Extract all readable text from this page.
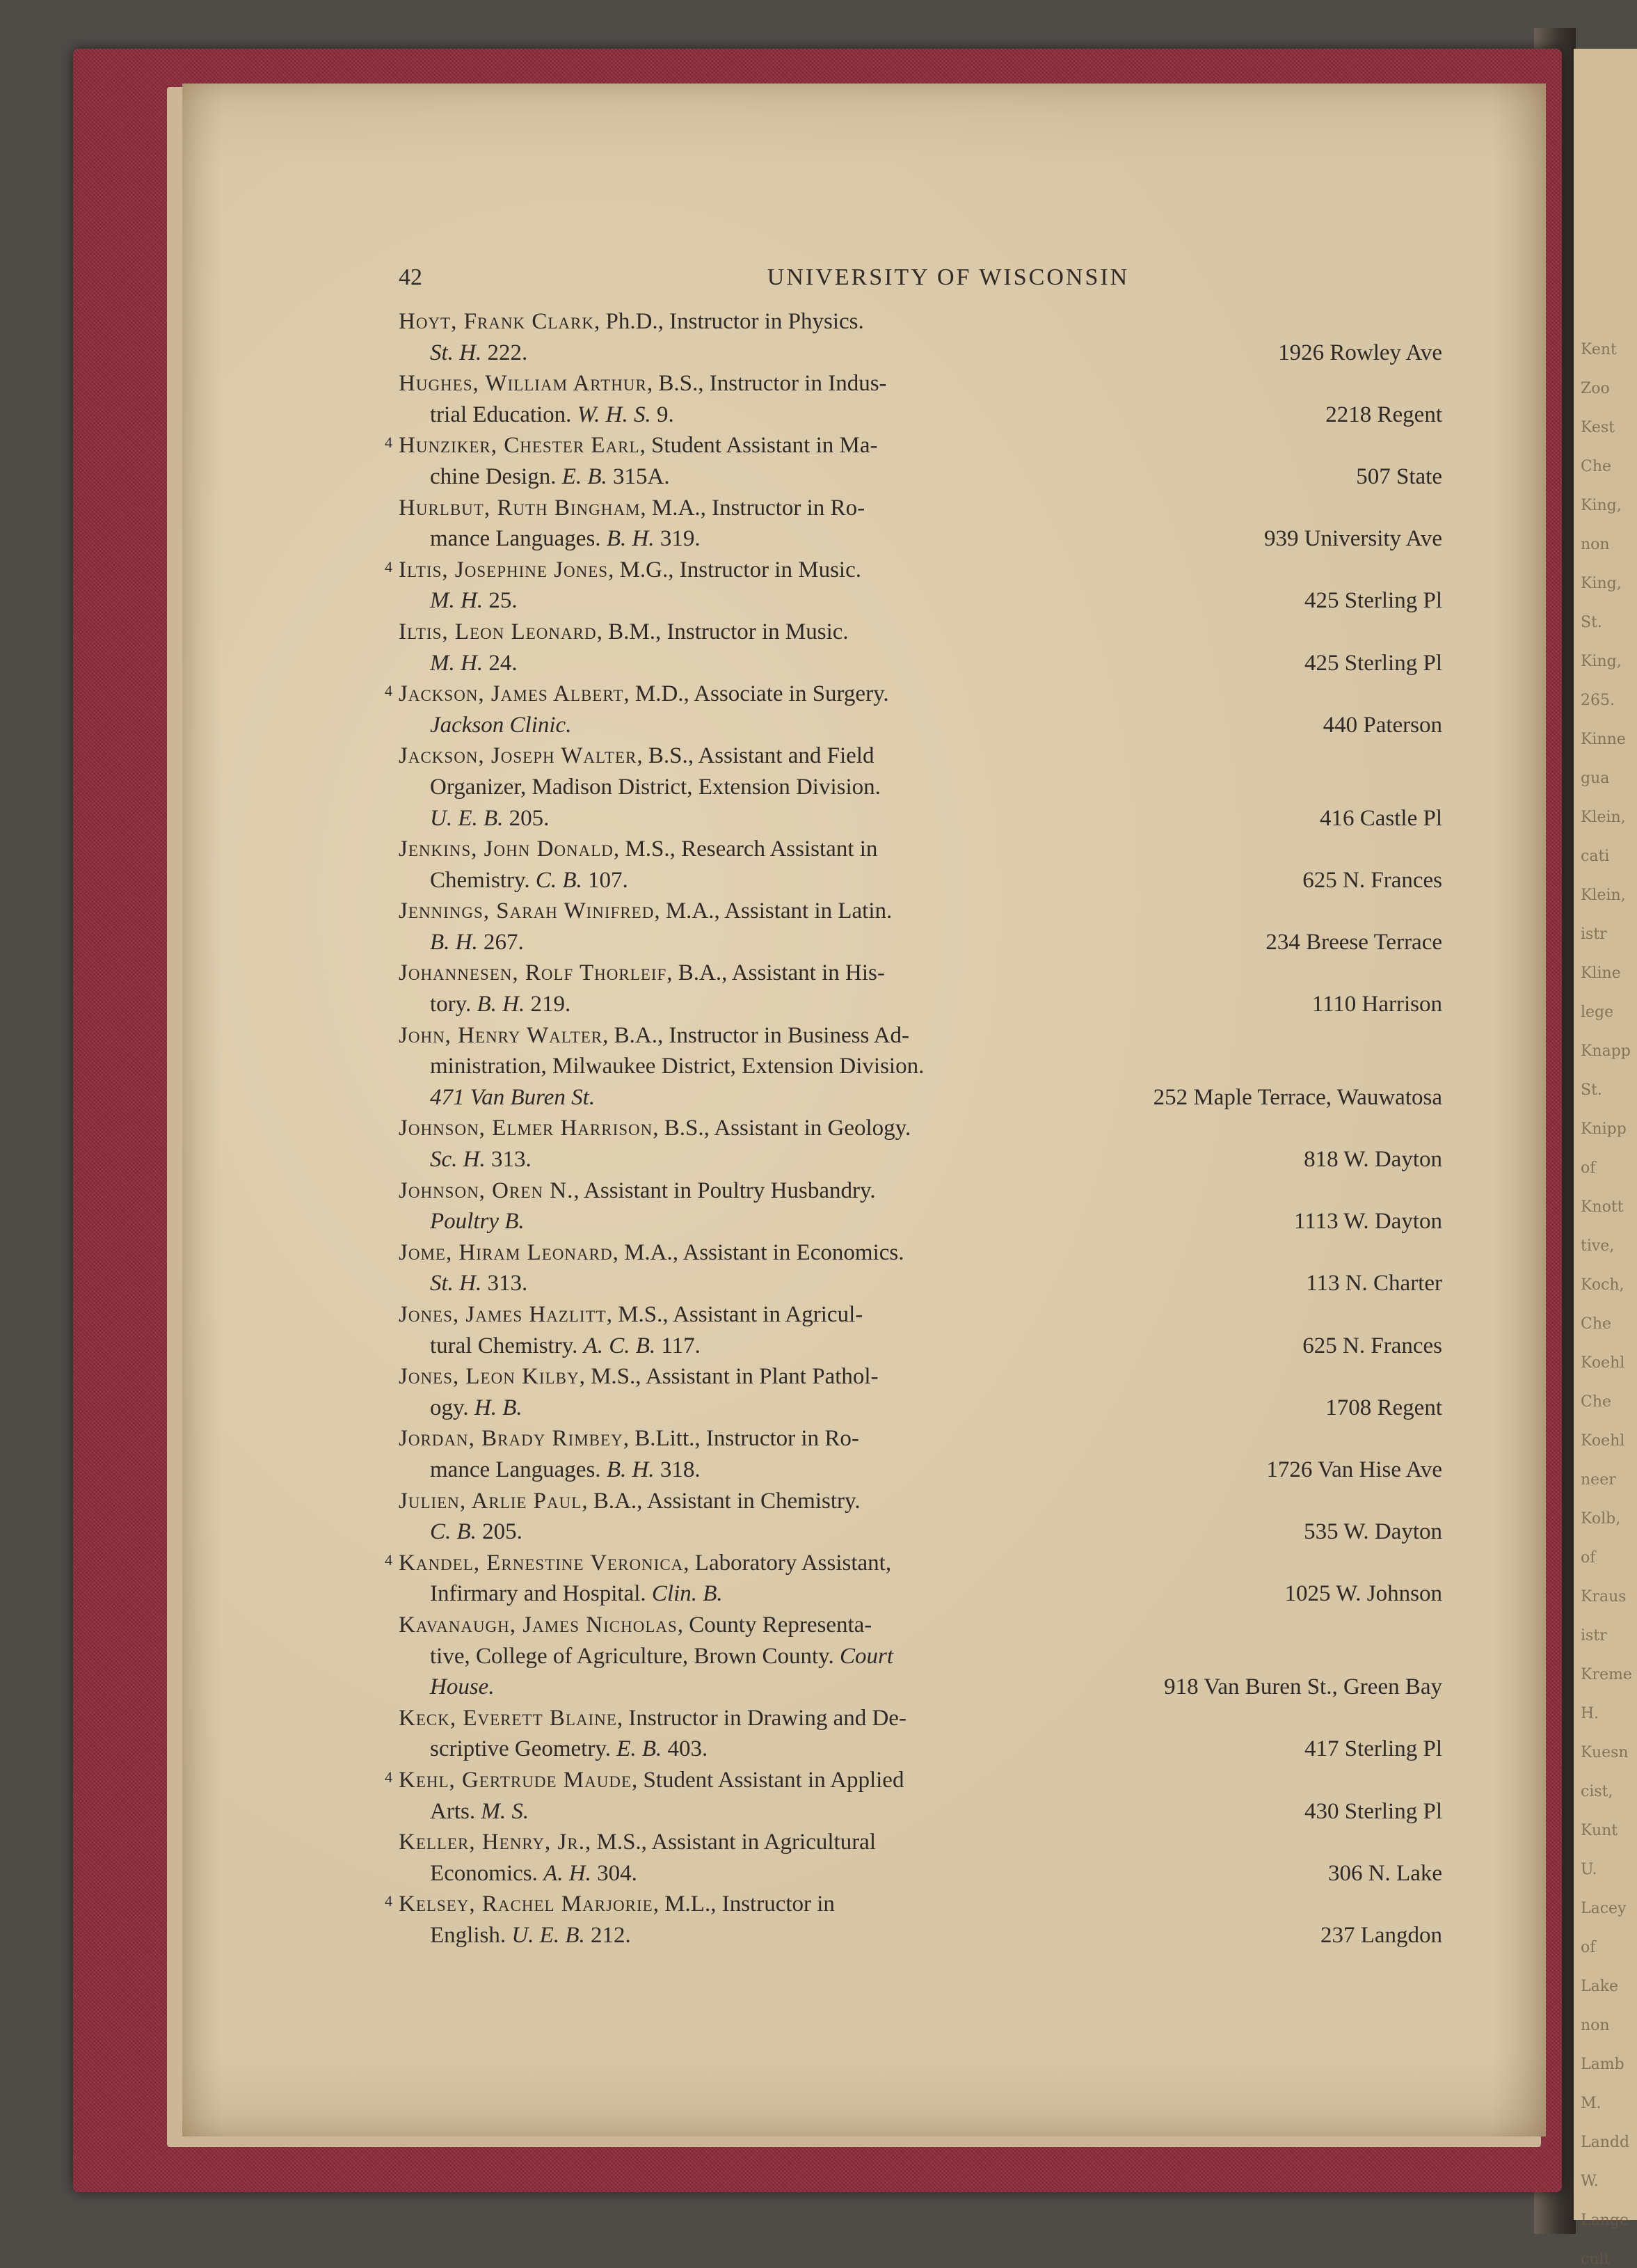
Kent
Zoo
Kest
Che
King,
non
King,
St.
King,
265.
Kinne
gua
Klein,
cati
Klein,
istr
Kline
lege
Knapp
St.
Knipp
of
Knott
tive,
Koch,
Che
Koehl
Che
Koehl
neer
Kolb,
of
Kraus
istr
Kreme
H.
Kuesn
cist,
Kunt
U.
Lacey
of
Lake
non
Lamb
M.
Landd
W.
Lange
cult
42	UNIVERSITY OF WISCONSIN
Hoyt, Frank Clark, Ph.D., Instructor in Physics.
St. H. 222.	1926 Rowley Ave
Hughes, William Arthur, B.S., Instructor in Indus-
trial Education. W. H. S. 9.	2218 Regent
4 Hunziker, Chester Earl, Student Assistant in Ma-
chine Design. E. B. 315A.	507 State
Hurlbut, Ruth Bingham, M.A., Instructor in Ro-
mance Languages. B. H. 319.	939 University Ave
4 Iltis, Josephine Jones, M.G., Instructor in Music.
M. H. 25.	425 Sterling Pl
Iltis, Leon Leonard, B.M., Instructor in Music.
M. H. 24.	425 Sterling Pl
4 Jackson, James Albert, M.D., Associate in Surgery.
Jackson Clinic.	440 Paterson
Jackson, Joseph Walter, B.S., Assistant and Field
Organizer, Madison District, Extension Division.
U. E. B. 205.	416 Castle Pl
Jenkins, John Donald, M.S., Research Assistant in
Chemistry. C. B. 107.	625 N. Frances
Jennings, Sarah Winifred, M.A., Assistant in Latin.
B. H. 267.	234 Breese Terrace
Johannesen, Rolf Thorleif, B.A., Assistant in His-
tory. B. H. 219.	1110 Harrison
John, Henry Walter, B.A., Instructor in Business Ad-
ministration, Milwaukee District, Extension Division.
471 Van Buren St.	252 Maple Terrace, Wauwatosa
Johnson, Elmer Harrison, B.S., Assistant in Geology.
Sc. H. 313.	818 W. Dayton
Johnson, Oren N., Assistant in Poultry Husbandry.
Poultry B.	1113 W. Dayton
Jome, Hiram Leonard, M.A., Assistant in Economics.
St. H. 313.	113 N. Charter
Jones, James Hazlitt, M.S., Assistant in Agricul-
tural Chemistry. A. C. B. 117.	625 N. Frances
Jones, Leon Kilby, M.S., Assistant in Plant Pathol-
ogy. H. B.	1708 Regent
Jordan, Brady Rimbey, B.Litt., Instructor in Ro-
mance Languages. B. H. 318.	1726 Van Hise Ave
Julien, Arlie Paul, B.A., Assistant in Chemistry.
C. B. 205.	535 W. Dayton
4 Kandel, Ernestine Veronica, Laboratory Assistant,
Infirmary and Hospital. Clin. B.	1025 W. Johnson
Kavanaugh, James Nicholas, County Representa-
tive, College of Agriculture, Brown County. Court
House.	918 Van Buren St., Green Bay
Keck, Everett Blaine, Instructor in Drawing and De-
scriptive Geometry. E. B. 403.	417 Sterling Pl
4 Kehl, Gertrude Maude, Student Assistant in Applied
Arts. M. S.	430 Sterling Pl
Keller, Henry, Jr., M.S., Assistant in Agricultural
Economics. A. H. 304.	306 N. Lake
4 Kelsey, Rachel Marjorie, M.L., Instructor in
English. U. E. B. 212.	237 Langdon
